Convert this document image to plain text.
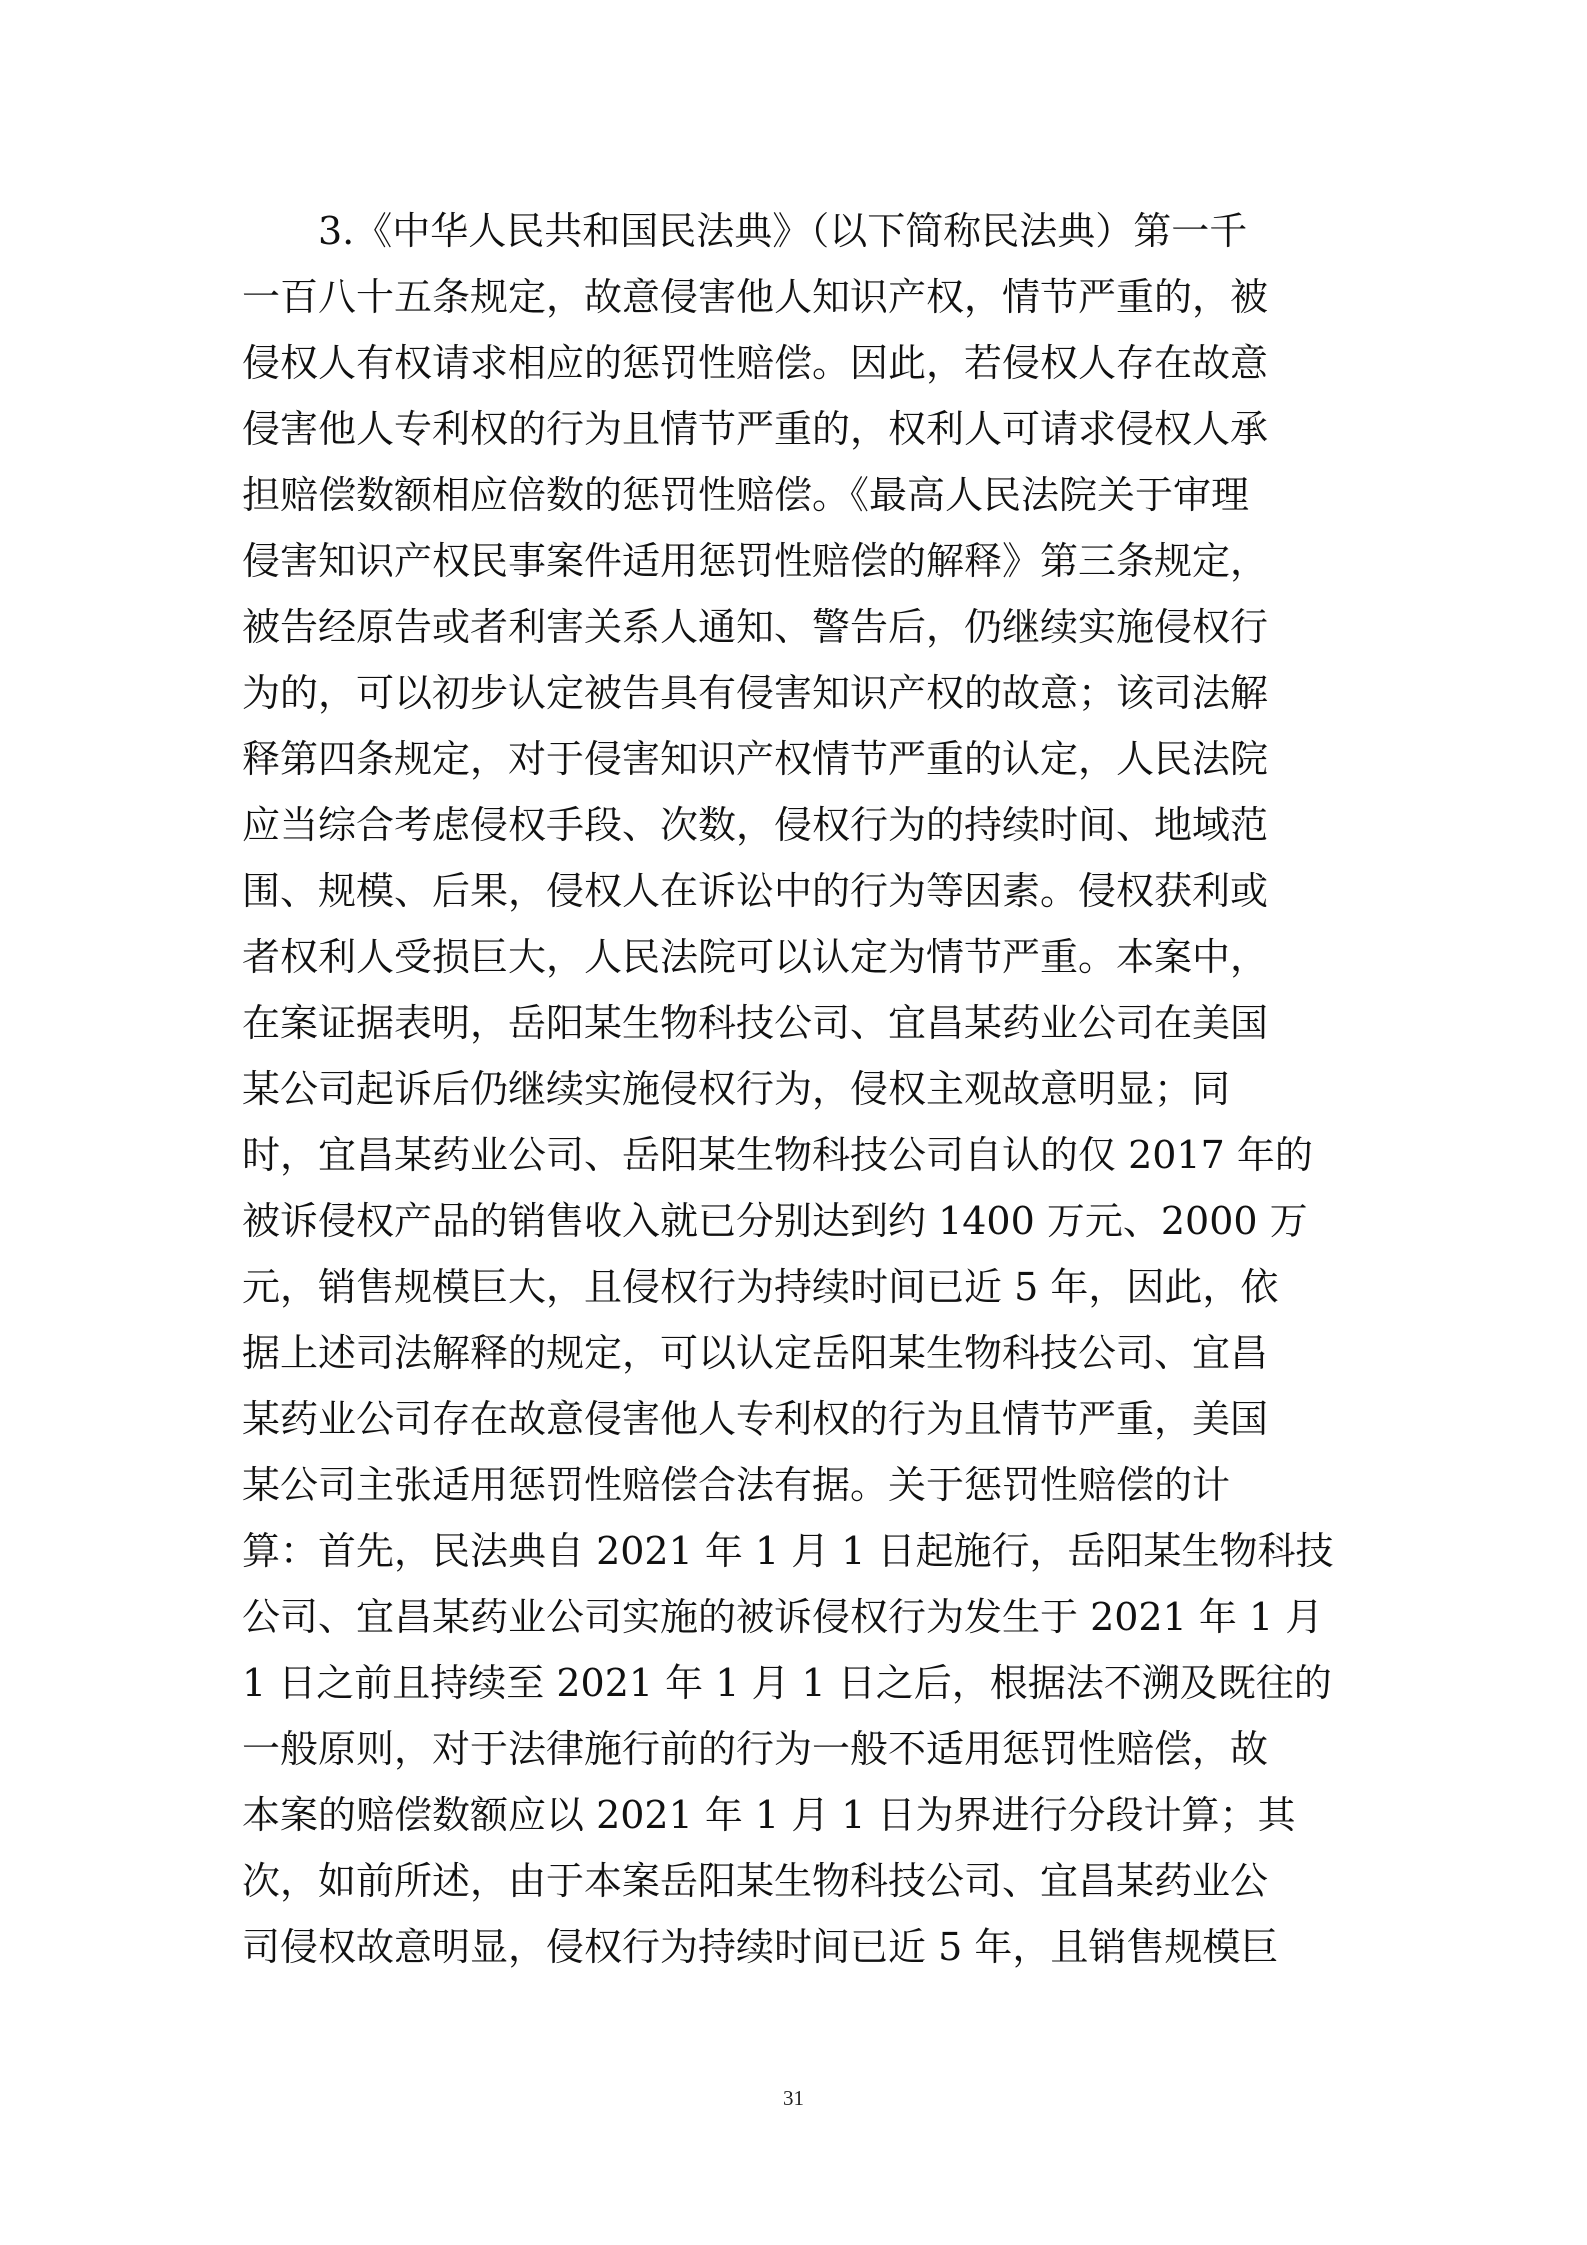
　　3.《中华人民共和国民法典》（以下简称民法典）第一千
一百八十五条规定，故意侵害他人知识产权，情节严重的，被
侵权人有权请求相应的惩罚性赔偿。因此，若侵权人存在故意
侵害他人专利权的行为且情节严重的，权利人可请求侵权人承
担赔偿数额相应倍数的惩罚性赔偿。《最高人民法院关于审理
侵害知识产权民事案件适用惩罚性赔偿的解释》第三条规定，
被告经原告或者利害关系人通知、警告后，仍继续实施侵权行
为的，可以初步认定被告具有侵害知识产权的故意；该司法解
释第四条规定，对于侵害知识产权情节严重的认定，人民法院
应当综合考虑侵权手段、次数，侵权行为的持续时间、地域范
围、规模、后果，侵权人在诉讼中的行为等因素。侵权获利或
者权利人受损巨大，人民法院可以认定为情节严重。本案中，
在案证据表明，岳阳某生物科技公司、宜昌某药业公司在美国
某公司起诉后仍继续实施侵权行为，侵权主观故意明显；同
时，宜昌某药业公司、岳阳某生物科技公司自认的仅 2017 年的
被诉侵权产品的销售收入就已分别达到约 1400 万元、2000 万
元，销售规模巨大，且侵权行为持续时间已近 5 年，因此，依
据上述司法解释的规定，可以认定岳阳某生物科技公司、宜昌
某药业公司存在故意侵害他人专利权的行为且情节严重，美国
某公司主张适用惩罚性赔偿合法有据。关于惩罚性赔偿的计
算：首先，民法典自 2021 年 1 月 1 日起施行，岳阳某生物科技
公司、宜昌某药业公司实施的被诉侵权行为发生于 2021 年 1 月
1 日之前且持续至 2021 年 1 月 1 日之后，根据法不溯及既往的
一般原则，对于法律施行前的行为一般不适用惩罚性赔偿，故
本案的赔偿数额应以 2021 年 1 月 1 日为界进行分段计算；其
次，如前所述，由于本案岳阳某生物科技公司、宜昌某药业公
司侵权故意明显，侵权行为持续时间已近 5 年，且销售规模巨
31
